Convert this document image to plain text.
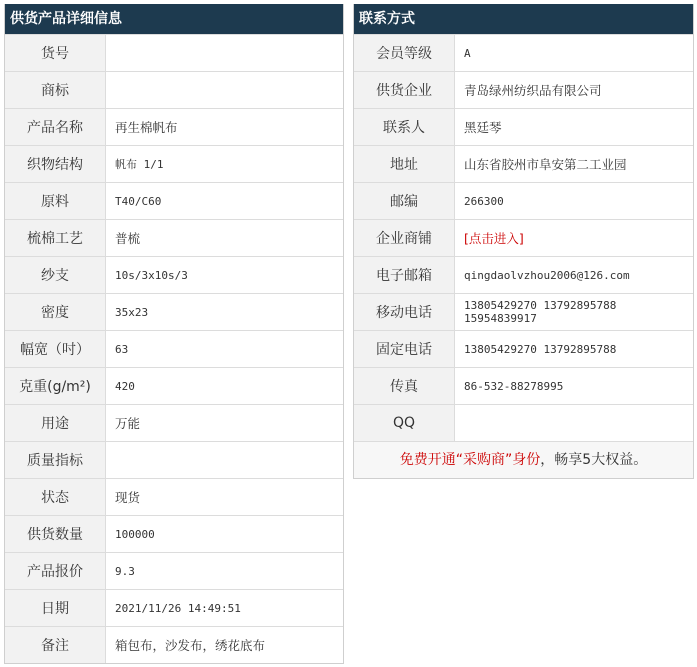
供货产品详细信息
货号	
商标	
产品名称	再生棉帆布
织物结构	帆布 1/1
原料	T40/C60
梳棉工艺	普梳
纱支	10s/3x10s/3
密度	35x23
幅宽（吋）	63
克重(g/m²)	420
用途	万能
质量指标	
状态	现货
供货数量	100000
产品报价	9.3
日期	2021/11/26 14:49:51
备注	箱包布，沙发布，绣花底布
联系方式
会员等级	A
供货企业	青岛绿州纺织品有限公司
联系人	黑廷琴
地址	山东省胶州市阜安第二工业园
邮编	266300
企业商铺	[点击进入]
电子邮箱	qingdaolvzhou2006@126.com
移动电话	13805429270 13792895788 15954839917
固定电话	13805429270 13792895788
传真	86-532-88278995
QQ	
免费开通“采购商”身份，畅享5大权益。
